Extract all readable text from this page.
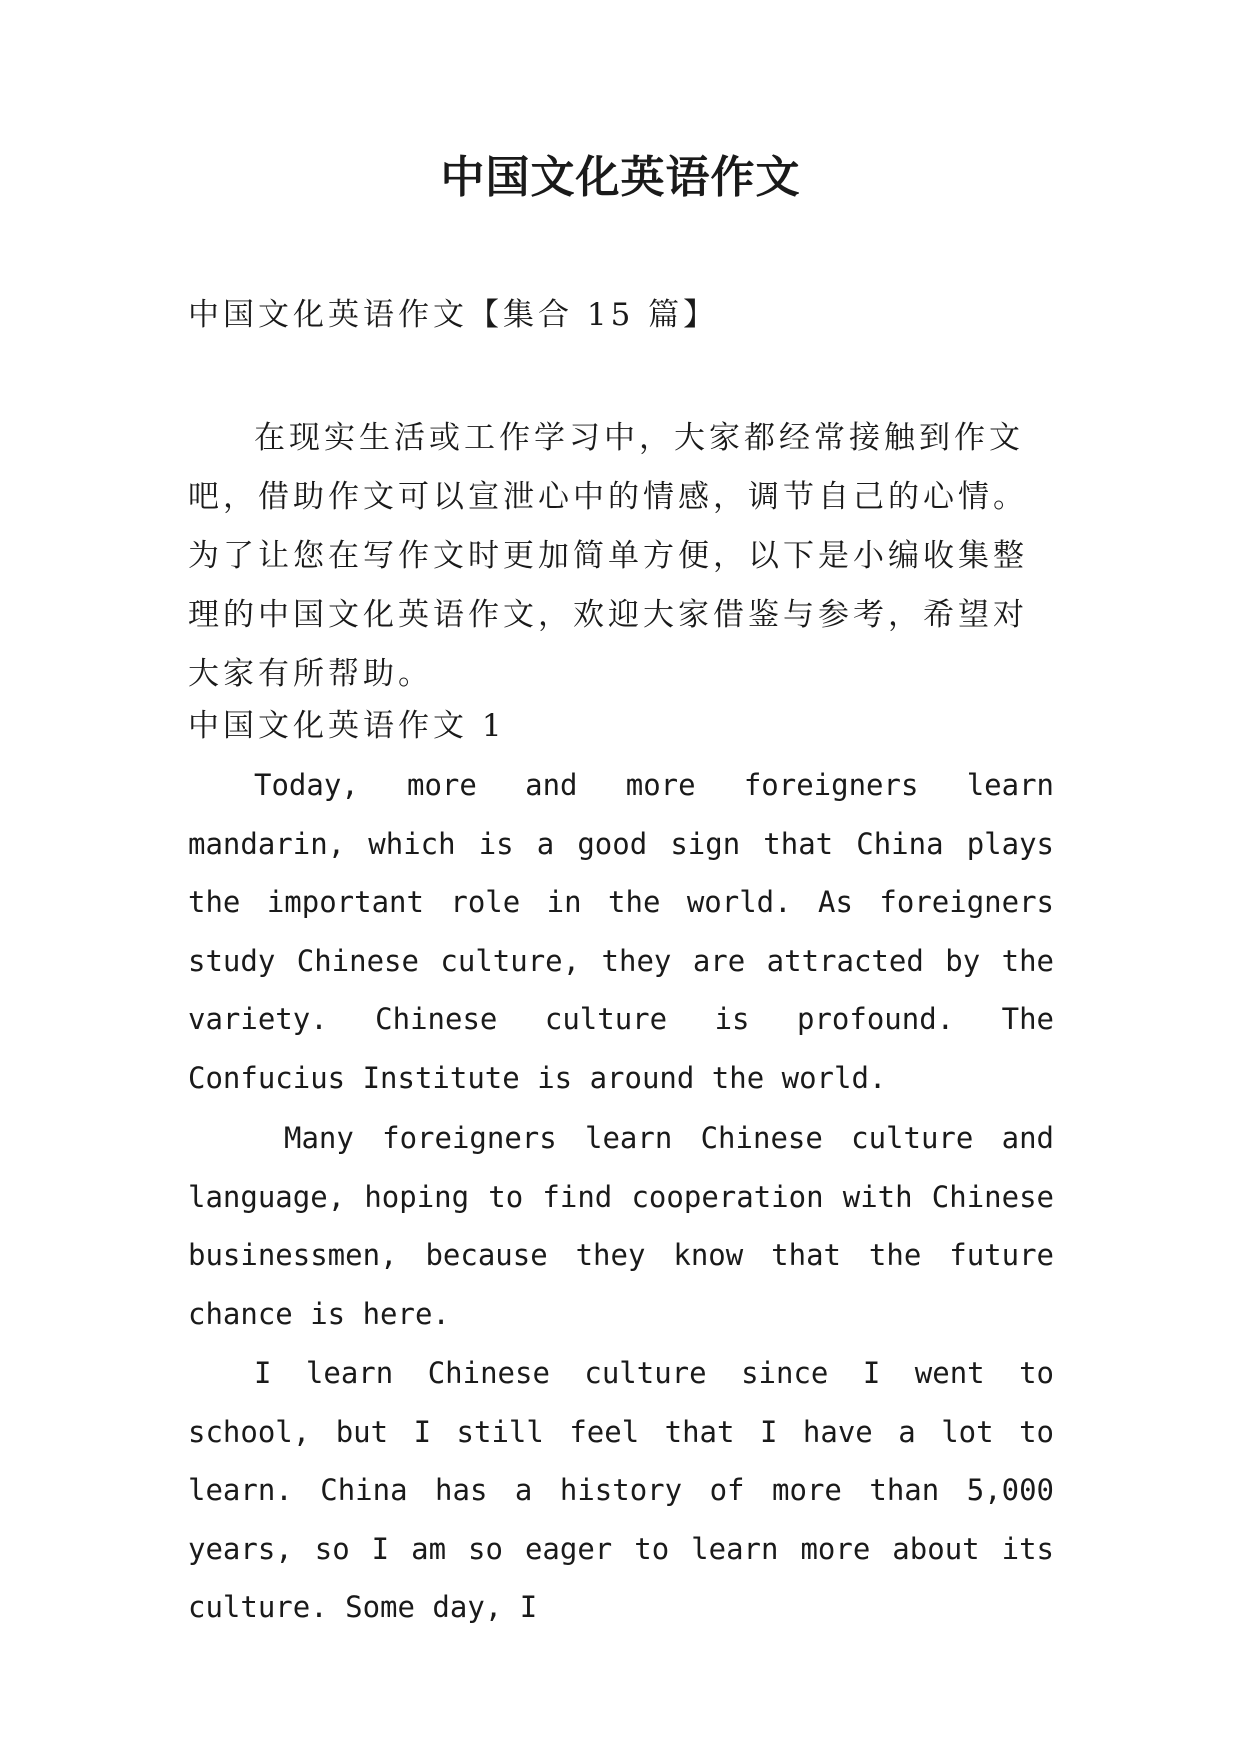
中国文化英语作文

中国文化英语作文【集合 15 篇】

在现实生活或工作学习中，大家都经常接触到作文吧，借助作文可以宣泄心中的情感，调节自己的心情。为了让您在写作文时更加简单方便，以下是小编收集整理的中国文化英语作文，欢迎大家借鉴与参考，希望对大家有所帮助。

中国文化英语作文 1

Today, more and more foreigners learn mandarin, which is a good sign that China plays the important role in the world. As foreigners study Chinese culture, they are attracted by the variety. Chinese culture is profound. The Confucius Institute is around the world.

Many foreigners learn Chinese culture and language, hoping to find cooperation with Chinese businessmen, because they know that the future chance is here.

I learn Chinese culture since I went to school, but I still feel that I have a lot to learn. China has a history of more than 5,000 years, so I am so eager to learn more about its culture. Some day, I
